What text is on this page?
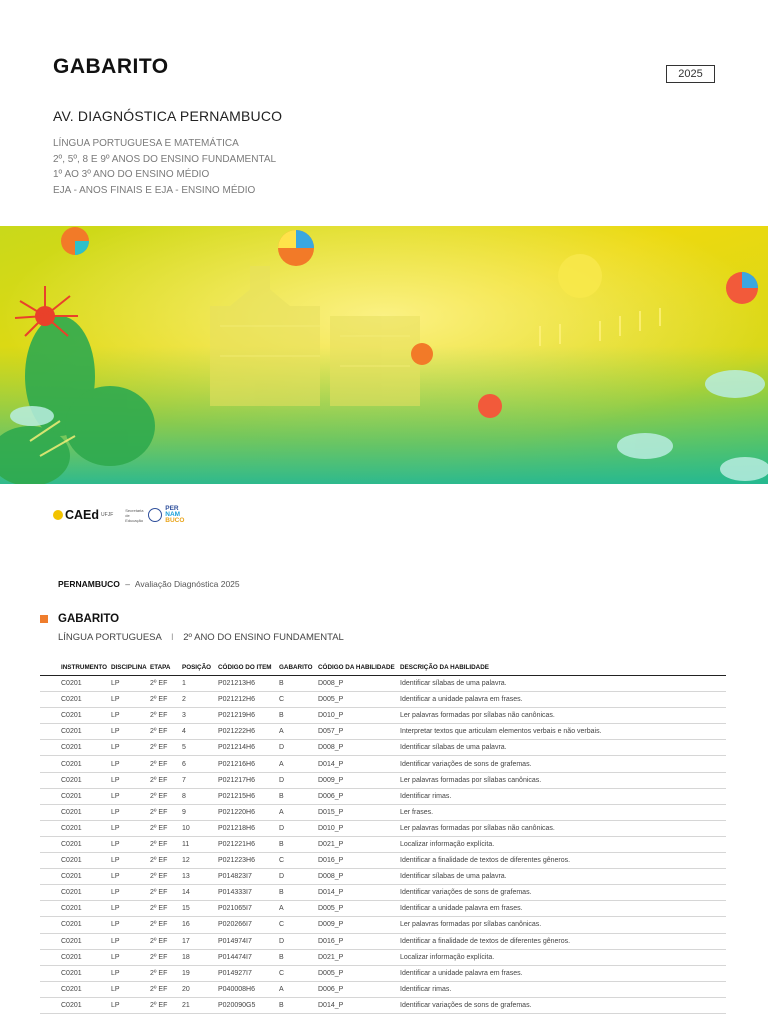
GABARITO	2025
AV. DIAGNÓSTICA PERNAMBUCO
LÍNGUA PORTUGUESA E MATEMÁTICA
2º, 5º, 8 E 9º ANOS DO ENSINO FUNDAMENTAL
1º AO 3º ANO DO ENSINO MÉDIO
EJA - ANOS FINAIS E EJA - ENSINO MÉDIO
CAEd UFJF
Secretaria de Educação
PER
NAM
BUCO
PERNAMBUCO – Avaliação Diagnóstica 2025
GABARITO
LÍNGUA PORTUGUESA I 2º ANO DO ENSINO FUNDAMENTAL
INSTRUMENTO	DISCIPLINA	ETAPA	POSIÇÃO	CÓDIGO DO ITEM	GABARITO	CÓDIGO DA HABILIDADE	DESCRIÇÃO DA HABILIDADE
C0201	LP	2º EF	1	P021213H6	B	D008_P	Identificar sílabas de uma palavra.
C0201	LP	2º EF	2	P021212H6	C	D005_P	Identificar a unidade palavra em frases.
C0201	LP	2º EF	3	P021219H6	B	D010_P	Ler palavras formadas por sílabas não canônicas.
C0201	LP	2º EF	4	P021222H6	A	D057_P	Interpretar textos que articulam elementos verbais e não verbais.
C0201	LP	2º EF	5	P021214H6	D	D008_P	Identificar sílabas de uma palavra.
C0201	LP	2º EF	6	P021216H6	A	D014_P	Identificar variações de sons de grafemas.
C0201	LP	2º EF	7	P021217H6	D	D009_P	Ler palavras formadas por sílabas canônicas.
C0201	LP	2º EF	8	P021215H6	B	D006_P	Identificar rimas.
C0201	LP	2º EF	9	P021220H6	A	D015_P	Ler frases.
C0201	LP	2º EF	10	P021218H6	D	D010_P	Ler palavras formadas por sílabas não canônicas.
C0201	LP	2º EF	11	P021221H6	B	D021_P	Localizar informação explícita.
C0201	LP	2º EF	12	P021223H6	C	D016_P	Identificar a finalidade de textos de diferentes gêneros.
C0201	LP	2º EF	13	P014823I7	D	D008_P	Identificar sílabas de uma palavra.
C0201	LP	2º EF	14	P014333I7	B	D014_P	Identificar variações de sons de grafemas.
C0201	LP	2º EF	15	P021065I7	A	D005_P	Identificar a unidade palavra em frases.
C0201	LP	2º EF	16	P020266I7	C	D009_P	Ler palavras formadas por sílabas canônicas.
C0201	LP	2º EF	17	P014974I7	D	D016_P	Identificar a finalidade de textos de diferentes gêneros.
C0201	LP	2º EF	18	P014474I7	B	D021_P	Localizar informação explícita.
C0201	LP	2º EF	19	P014927I7	C	D005_P	Identificar a unidade palavra em frases.
C0201	LP	2º EF	20	P040008H6	A	D006_P	Identificar rimas.
C0201	LP	2º EF	21	P020090G5	B	D014_P	Identificar variações de sons de grafemas.
